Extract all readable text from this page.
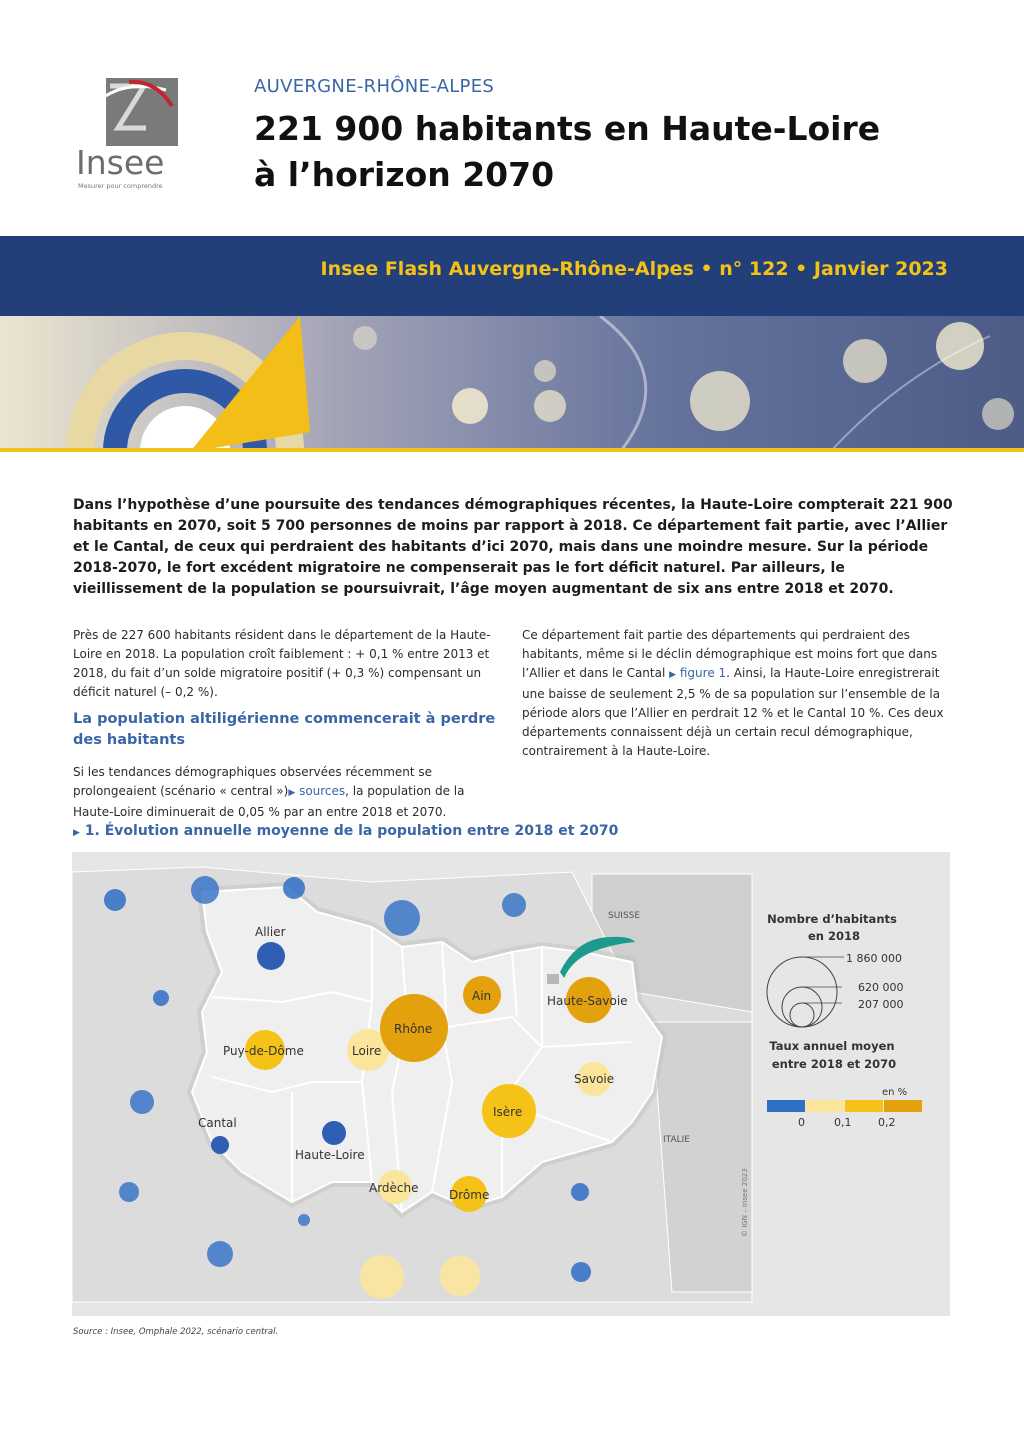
Insee
Mesurer pour comprendre
AUVERGNE-RHÔNE-ALPES
221 900 habitants en Haute-Loire
à l’horizon 2070
Insee Flash Auvergne-Rhône-Alpes • n° 122 • Janvier 2023
Dans l’hypothèse d’une poursuite des tendances démographiques récentes, la Haute-Loire compterait 221 900 habitants en 2070, soit 5 700 personnes de moins par rapport à 2018. Ce département fait partie, avec l’Allier et le Cantal, de ceux qui perdraient des habitants d’ici 2070, mais dans une moindre mesure. Sur la période 2018-2070, le fort excédent migratoire ne compenserait pas le fort déficit naturel. Par ailleurs, le vieillissement de la population se poursuivrait, l’âge moyen augmentant de six ans entre 2018 et 2070.
Près de 227 600 habitants résident dans le département de la Haute-Loire en 2018. La population croît faiblement : + 0,1 % entre 2013 et 2018, du fait d’un solde migratoire positif (+ 0,3 %) compensant un déficit naturel (– 0,2 %).
La population altiligérienne commencerait à perdre des habitants
Si les tendances démographiques observées récemment se prolongeaient (scénario « central »)▶ sources, la population de la Haute-Loire diminuerait de 0,05 % par an entre 2018 et 2070.
Ce département fait partie des départements qui perdraient des habitants, même si le déclin démographique est moins fort que dans l’Allier et dans le Cantal ▶ figure 1. Ainsi, la Haute-Loire enregistrerait une baisse de seulement 2,5 % de sa population sur l’ensemble de la période alors que l’Allier en perdrait 12 % et le Cantal 10 %. Ces deux départements connaissent déjà un certain recul démographique, contrairement à la Haute-Loire.
▶ 1. Évolution annuelle moyenne de la population entre 2018 et 2070
Allier
Puy-de-Dôme
Cantal
Haute-Loire
Loire
Rhône
Ain	Haute-Savoie
Savoie
Isère
Ardèche	Drôme
SUISSE
ITALIE
© IGN – Insee 2023
Nombre d’habitants en 2018
1 860 000
620 000
207 000
Taux annuel moyen entre 2018 et 2070
en %
0	0,1 0,2
Source : Insee, Omphale 2022, scénario central.
